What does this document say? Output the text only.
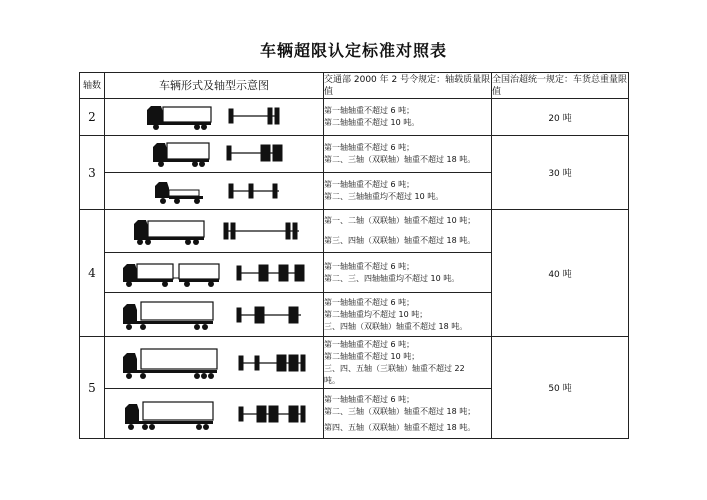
车辆超限认定标准对照表
轴数	车辆形式及轴型示意图	交通部 2000 年 2 号令规定：轴载质量限值	全国治超统一规定：车货总重量限值
2		第一轴轴重不超过 6 吨；
第二轴轴重不超过 10 吨。	20 吨
3		第一轴轴重不超过 6 吨；
第二、三轴（双联轴）轴重不超过 18 吨。	30 吨

第一轴轴重不超过 6 吨；
第二、三轴轴重均不超过 10 吨。	

4		第一、二轴（双联轴）轴重不超过 10 吨；
第三、四轴（双联轴）轴重不超过 18 吨。	40 吨

第一轴轴重不超过 6 吨；
第二、三、四轴轴重均不超过 10 吨。	

第一轴轴重不超过 6 吨；
第二轴轴重均不超过 10 吨；
三、四轴（双联轴）轴重不超过 18 吨。	

5		第一轴轴重不超过 6 吨；
第二轴轴重不超过 10 吨；
三、四、五轴（三联轴）轴重不超过 22
吨。	50 吨

第一轴轴重不超过 6 吨；
第二、三轴（双联轴）轴重不超过 18 吨；
第四、五轴（双联轴）轴重不超过 18 吨。	
